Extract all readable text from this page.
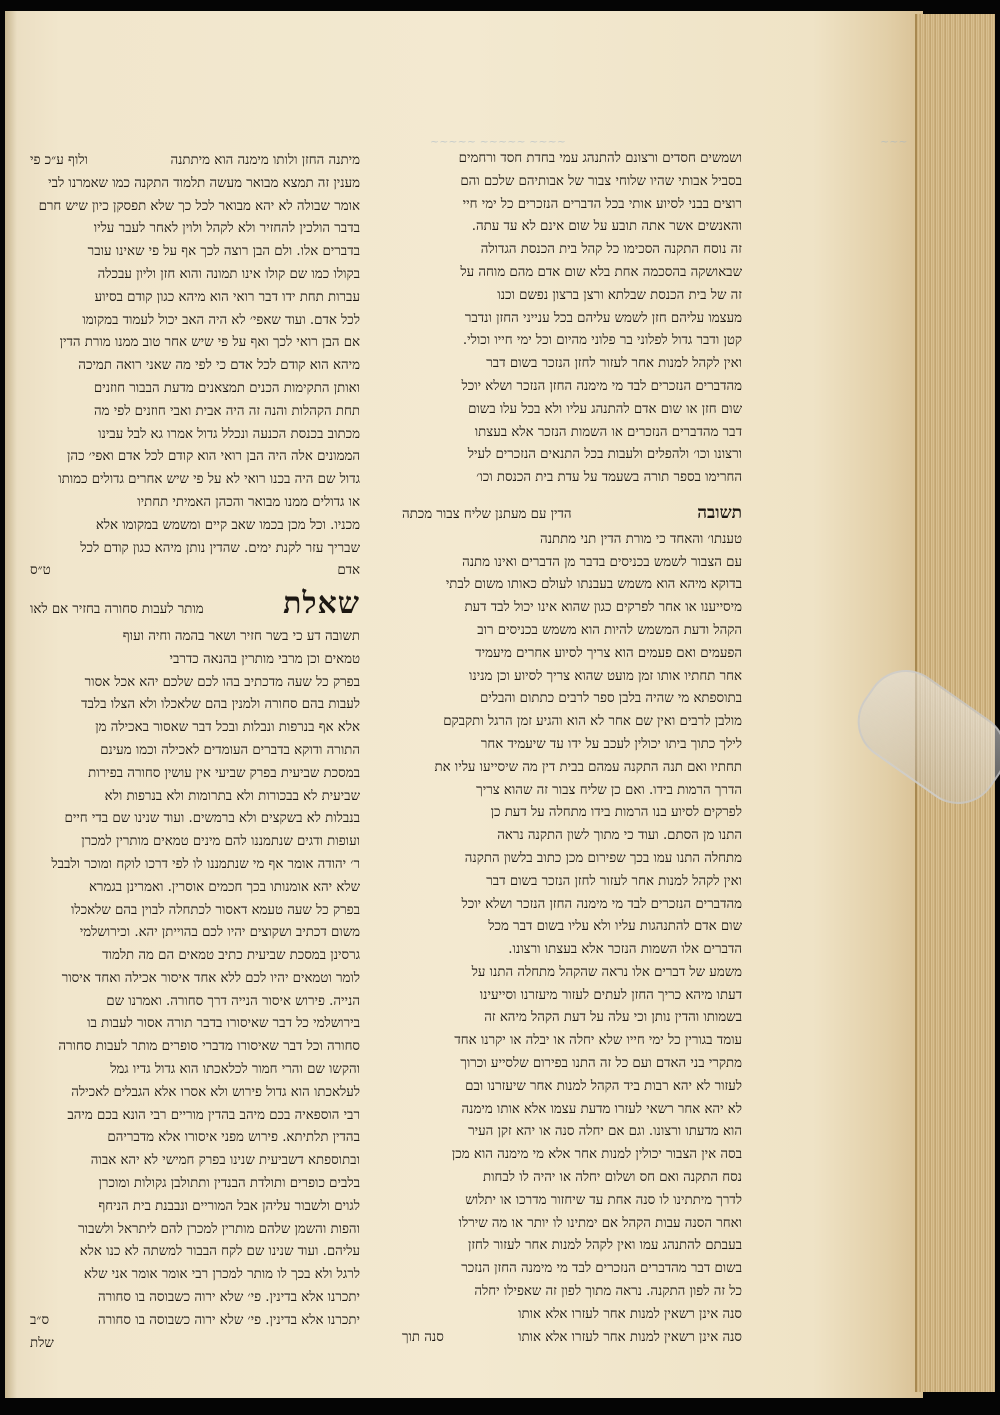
~~~~ ~~~~~ ~~~~~	~~~
מיתנה החזן ולותו מימנה הוא מיתתנה
ולוף ע״כ פי

מענין זה תמצא מבואר מעשה תלמוד התקנה כמו שאמרנו לבי

אומר שבולה לא יהא מבואר לכל כך שלא תפסקן כיון שיש חרם

בדבר הולכין להחזיר ולא לקהל ולוין לאחר לעבר עליו

בדברים אלו. ולם הבן רוצה לכך אף על פי שאינו עובר

בקולו כמו שם קולו אינו תמונה והוא חזן וליון עבכלה

עברות תחת ידו דבר רואי הוא מיהא כגון קודם בסיוע

לכל אדם. ועוד שאפי׳ לא היה האב יכול לעמוד במקומו

אם הבן רואי לכך ואף על פי שיש אחר טוב ממנו מורת הדין

מיהא הוא קודם לכל אדם כי לפי מה שאני רואה תמיכה

ואותן התקימות הכנים תמצאנים מדעת הבבור חוזנים

תחת הקהלות והנה זה היה אבית ואבי חוזנים לפי מה

מכתוב בכנסת הכנעה ונכלל גדול אמרו גא לבל עבינו

הממונים אלה היה הבן רואי הוא קודם לכל אדם ואפי׳ כהן

גדול שם היה בכנו רואי לא על פי שיש אחרים גדולים כמותו

או גדולים ממנו מבואר והכהן האמיתי תחתיו

מכניו. וכל מכן בכמו שאב קיים ומשמש במקומו אלא

שבריך עזר לקנת ימים. שהדין נותן מיהא כגון קודם לכל

אדם
ט״ס
שאלת
מותר לעבות סחורה בחזיר אם לאו

תשובה דע כי בשר חזיר ושאר בהמה וחיה ועוף

טמאים וכן מרבי מותרין בהנאה כדרבי

בפרק כל שעה מדכתיב בהו לכם שלכם יהא אכל אסור

לעבות בהם סחורה ולמנין בהם שלאכלו ולא הצלו בלבד

אלא אף בנרפות ונבלות ובכל דבר שאסור באכילה מן

התורה ודוקא בדברים העומדים לאכילה וכמו מעינם

במסכת שביעית בפרק שביעי אין עושין סחורה בפירות

שביעית לא בבכורות ולא בתרומות ולא בנרפות ולא

בנבלות לא בשקצים ולא ברמשים. ועוד שנינו שם בדי חיים

ועופות ודגים שנתמננו להם מינים טמאים מותרין למכרן

ר׳ יהודה אומר אף מי שנתמננו לו לפי דרכו לוקח ומוכר ולבבל

שלא יהא אומנותו בכך חכמים אוסרין. ואמרינן בגמרא

בפרק כל שעה טעמא דאסור לכתחלה לבוין בהם שלאכלו

משום דכתיב ושקוצים יהיו לכם בהוייתן יהא. וכירושלמי

גרסינן במסכת שביעית כתיב טמאים הם מה תלמוד

לומר וטמאים יהיו לכם ללא אחד איסור אכילה ואחד איסור

הנייה. פירוש איסור הנייה דרך סחורה. ואמרנו שם

בירושלמי כל דבר שאיסורו בדבר תורה אסור לעבות בו

סחורה וכל דבר שאיסורו מדברי סופרים מותר לעבות סחורה

והקשו שם והרי חמור לכלאכתו הוא גדול גדיו גמל

לעלאכתו הוא גדול פירוש ולא אסרו אלא הגבלים לאכילה

רבי הוספאיה בכם מיהב בהדין מוריים רבי הונא בכם מיהב

בהדין תלתיתא. פירוש מפני איסורו אלא מדבריהם

ובתוספתא דשביעית שנינו בפרק חמישי לא יהא אבוה

בלבים כופרים ותולדת הבנדין ותתולבן גקולות ומוכרן

לגוים ולשבור עליהן אבל המוריים ונבבנת בית הניחף

והפות והשמן שלהם מותרין למכרן להם ליתראל ולשבור

עליהם. ועוד שנינו שם לקח הבבור למשתה לא כנו אלא

לרגל ולא בכך לו מותר למכרן רבי אומר אומר אני שלא

יתכרנו אלא בדינין. פי׳ שלא ירוה כשבוסה בו סחורה

יתכרנו אלא בדינין. פי׳ שלא ירוה כשבוסה בו סחורה
ס״ב
שלת

ושמשים חסדים ורצונם להתנהג עמי בחדת חסד ורחמים

בסביל אבותי שהיו שלוחי צבור של אבותיהם שלכם והם

רוצים בבני לסיוע אותי בכל הדברים הנזכרים כל ימי חיי

והאנשים אשר אתה תובע על שום אינם לא עד עתה.

זה נוסח התקנה הסכימו כל קהל בית הכנסת הגדולה

שבאושקה בהסכמה אחת בלא שום אדם מהם מוחה על

זה של בית הכנסת שבלתא ורצן ברצון נפשם וכנו

מעצמו עליהם חזן לשמש עליהם בכל ענייני החזן ונדבר

קטן ודבר גדול לפלוני בר פלוני מהיום וכל ימי חייו וכולי.

ואין לקהל למנות אחר לעזור לחזן הנזכר בשום דבר

מהדברים הנזכרים לבד מי מימנה החזן הנזכר ושלא יוכל

שום חזן או שום אדם להתנהג עליו ולא בכל עלו בשום

דבר מהדברים הנזכרים או השמות הנזכר אלא בעצתו

ורצונו וכו׳ ולהפלים ולעבות בכל התנאים הנזכרים לעיל

החרימו בספר תורה בשעמד על עדת בית הכנסת וכו׳

תשובה
הדין עם מעתנן שליח צבור מכתה

טענתו׳ והאחד כי מורת הדין תני מתתנה

עם הצבור לשמש בכניסים בדבר מן הדברים ואינו מתנה

בדוקא מיהא הוא משמש בעבנתו לעולם כאותו משום לבתי

מיסייענו או אחר לפרקים כגון שהוא אינו יכול לבד דעת

הקהל ודעת המשמש להיות הוא משמש בכניסים רוב

הפעמים ואם פעמים הוא צריך לסיוע אחרים מיעמיד

אחר תחתיו אותו זמן מועט שהוא צריך לסיוע וכן מנינו

בתוספתא מי שהיה בלבן ספר לרבים כתתום והבלים

מולבן לרבים ואין שם אחר לא הוא והגיע זמן הרגל ותקבקם

לילך כתוך ביתו יכולין לעכב על ידו עד שיעמיד אחר

תחתיו ואם תנה התקנה עמהם בבית דין מה שיסייעו עליו את

הדרך הרמות בידו. ואם כן שליח צבור זה שהוא צריך

לפרקים לסיוע בנו הרמות בידו מתחלה על דעת כן

התנו מן הסתם. ועוד כי מתוך לשון התקנה נראה

מתחלה התנו עמו בכך שפירום מכן כתוב בלשון התקנה

ואין לקהל למנות אחר לעזור לחזן הנזכר בשום דבר

מהדברים הנזכרים לבד מי מימנה החזן הנזכר ושלא יוכל

שום אדם להתנהגות עליו ולא עליו בשום דבר מכל

הדברים אלו השמות הנזכר אלא בעצתו ורצונו.

משמע של דברים אלו נראה שהקהל מתחלה התנו על

דעתו מיהא כריך החזן לעתים לעזור מיעזרנו וסייעינו

בשמותו והדין נותן וכי עלה על דעת הקהל מיהא זה

עומד בגורין כל ימי חייו שלא יחלה או יבלה או יקרנו אחד

מתקרי בני האדם ועם כל זה התנו בפירום שלסייע וכרוך

לעזור לא יהא רבות ביד הקהל למנות אחר שיעזרנו ובם

לא יהא אחר רשאי לעזרו מדעת עצמו אלא אותו מימנה

הוא מדעתו ורצונו. וגם אם יחלה סנה או יהא זקן העיר

בסה אין הצבור יכולין למנות אחר אלא מי מימנה הוא מכן

נסח התקנה ואם חס ושלום יחלה או יהיה לו לבחות

לדרך מיתתינו לו סנה אחת עד שיחזור מדרכו או יתלוש

ואחר הסנה עבות הקהל אם ימתינו לו יותר או מה שירלו

בעבתם להתנהג עמו ואין לקהל למנות אחר לעזור לחזן

בשום דבר מהדברים הנזכרים לבד מי מימנה החזן הנזכר

כל זה לפון התקנה. נראה מתוך לפון זה שאפילו יחלה

סנה אינן רשאין למנות אחר לעזרו אלא אותו

סנה אינן רשאין למנות אחר לעזרו אלא אותו
סנה תוך
